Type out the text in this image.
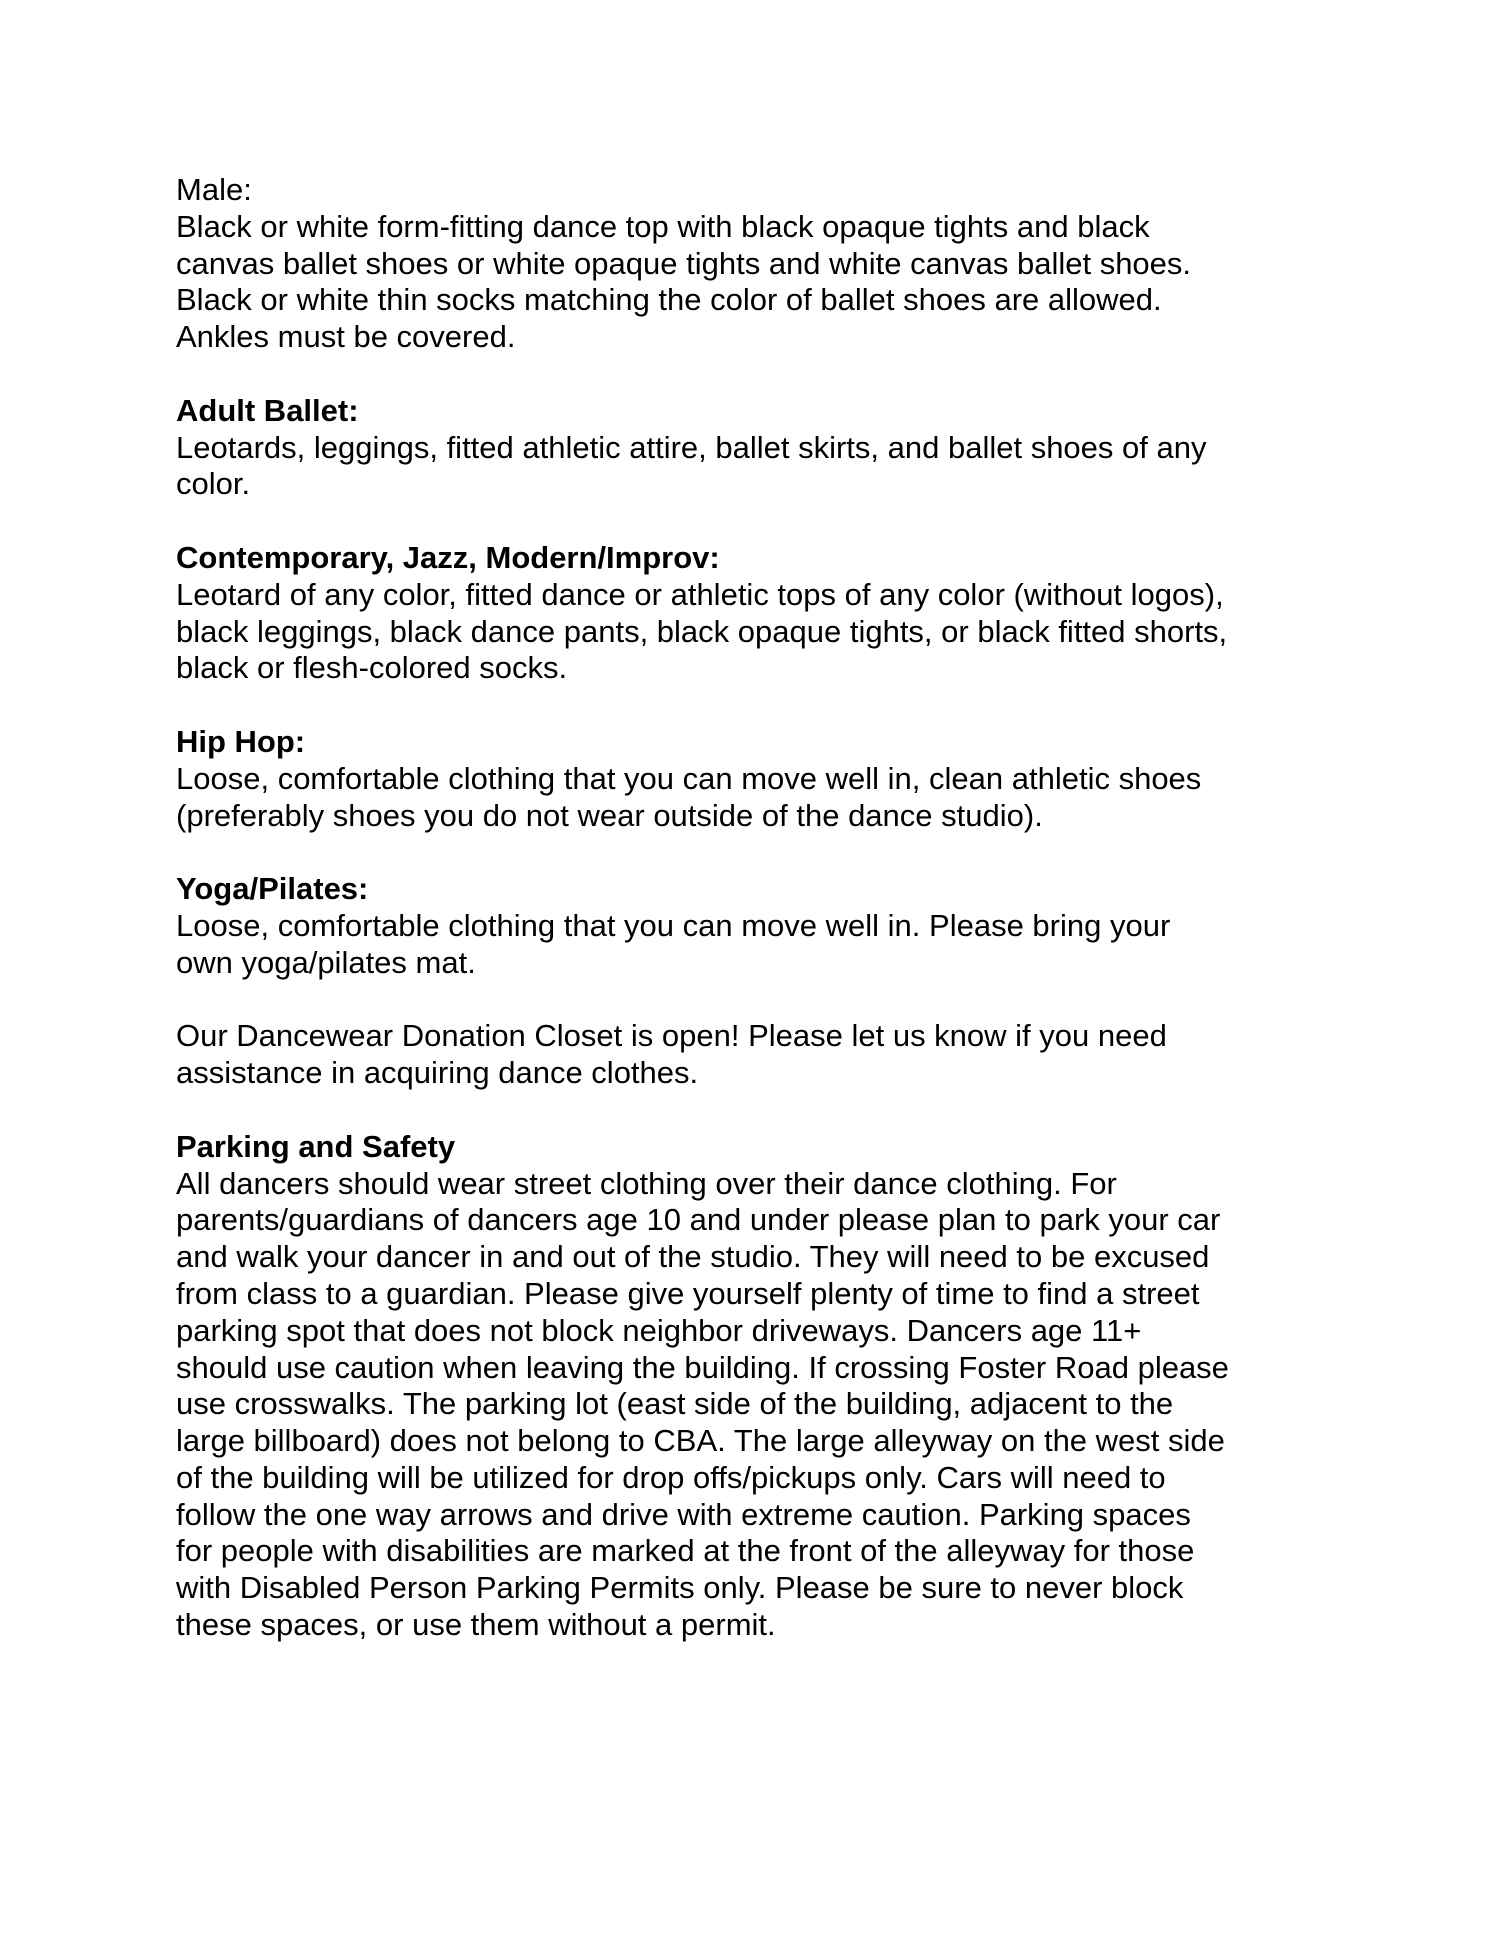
Male:
Black or white form-fitting dance top with black opaque tights and black
canvas ballet shoes or white opaque tights and white canvas ballet shoes.
Black or white thin socks matching the color of ballet shoes are allowed.
Ankles must be covered.
Adult Ballet:
Leotards, leggings, fitted athletic attire, ballet skirts, and ballet shoes of any
color.
Contemporary, Jazz, Modern/Improv:
Leotard of any color, fitted dance or athletic tops of any color (without logos),
black leggings, black dance pants, black opaque tights, or black fitted shorts,
black or flesh-colored socks.
Hip Hop:
Loose, comfortable clothing that you can move well in, clean athletic shoes
(preferably shoes you do not wear outside of the dance studio).
Yoga/Pilates:
Loose, comfortable clothing that you can move well in. Please bring your
own yoga/pilates mat.
Our Dancewear Donation Closet is open! Please let us know if you need
assistance in acquiring dance clothes.
Parking and Safety
All dancers should wear street clothing over their dance clothing. For
parents/guardians of dancers age 10 and under please plan to park your car
and walk your dancer in and out of the studio. They will need to be excused
from class to a guardian. Please give yourself plenty of time to find a street
parking spot that does not block neighbor driveways. Dancers age 11+
should use caution when leaving the building. If crossing Foster Road please
use crosswalks. The parking lot (east side of the building, adjacent to the
large billboard) does not belong to CBA. The large alleyway on the west side
of the building will be utilized for drop offs/pickups only. Cars will need to
follow the one way arrows and drive with extreme caution. Parking spaces
for people with disabilities are marked at the front of the alleyway for those
with Disabled Person Parking Permits only. Please be sure to never block
these spaces, or use them without a permit.
